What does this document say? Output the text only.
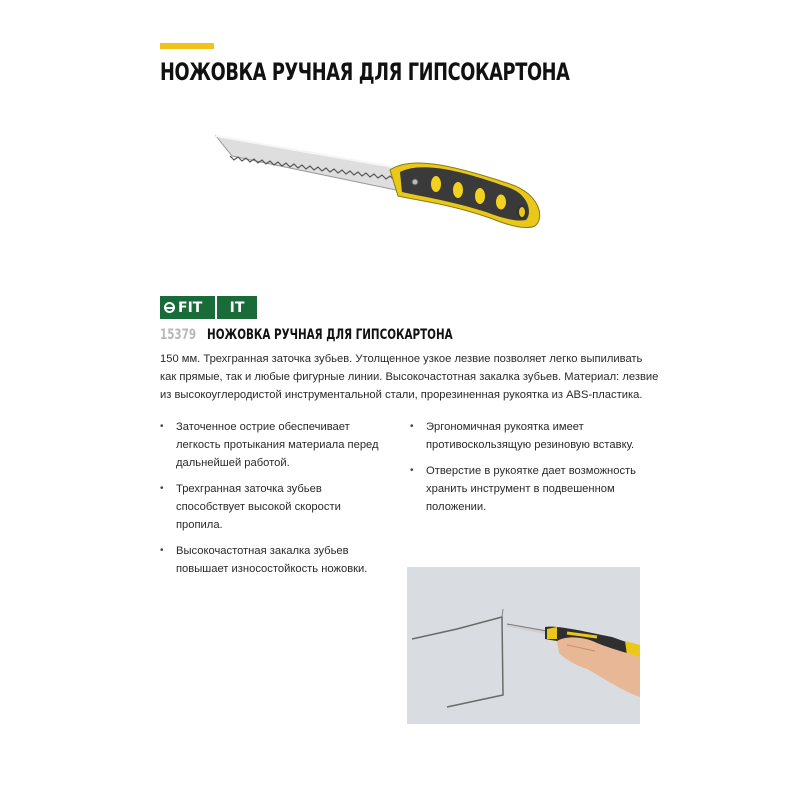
НОЖОВКА РУЧНАЯ ДЛЯ ГИПСОКАРТОНА
FIT IT
15379 НОЖОВКА РУЧНАЯ ДЛЯ ГИПСОКАРТОНА

150 мм. Трехгранная заточка зубьев. Утолщенное узкое лезвие позволяет легко выпиливать как прямые, так и любые фигурные линии. Высокочастотная закалка зубьев. Материал: лезвие из высокоуглеродистой инструментальной стали, прорезиненная рукоятка из ABS-пластика.

• Заточенное острие обеспечивает легкость протыкания материала перед дальнейшей работой.
• Трехгранная заточка зубьев способствует высокой скорости пропила.
• Высокочастотная закалка зубьев повышает износостойкость ножовки.
• Эргономичная рукоятка имеет противоскользящую резиновую вставку.
• Отверстие в рукоятке дает возможность хранить инструмент в подвешенном положении.
